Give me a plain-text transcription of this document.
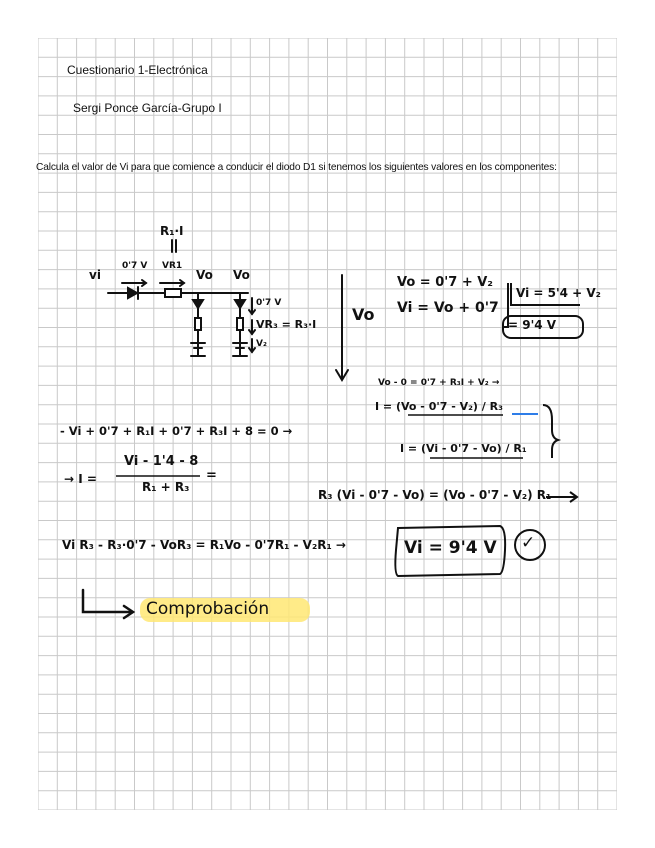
Cuestionario 1-Electrónica
Sergi Ponce García-Grupo I
Calcula el valor de Vi para que comience a conducir el diodo D1 si tenemos los siguientes valores en los componentes:
R₁·I
vi
0'7 V VR1
Vo Vo
0'7 V
VR₃ = R₃·I
V₂
Vo
Vo = 0'7 + V₂
Vi = Vo + 0'7
Vi = 5'4 + V₂
= 9'4 V
Vo - 0 = 0'7 + R₃I + V₂ →
I = (Vo - 0'7 - V₂) / R₃
I = (Vi - 0'7 - Vo) / R₁
- Vi + 0'7 + R₁I + 0'7 + R₃I + 8 = 0 →
→ I =
Vi - 1'4 - 8
R₁ + R₃
=
R₃ (Vi - 0'7 - Vo) = (Vo - 0'7 - V₂) R₁
Vi R₃ - R₃·0'7 - VoR₃ = R₁Vo - 0'7R₁ - V₂R₁ →	Vi = 9'4 V ✓
Comprobación
